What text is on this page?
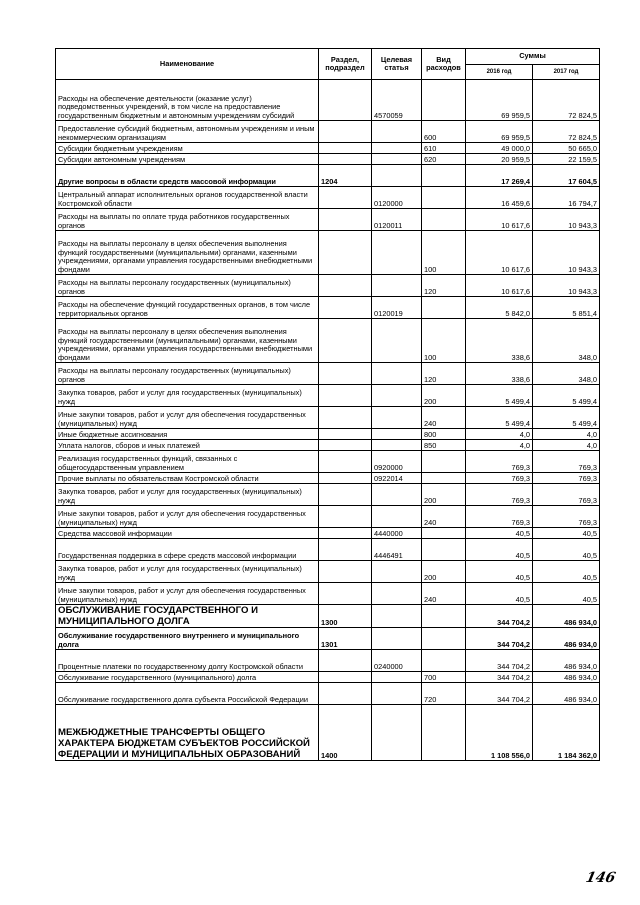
Наименование	Раздел, подраздел	Целевая статья	Вид расходов	Суммы	
				2016 год	2017 год
Расходы на обеспечение деятельности (оказание услуг) подведомственных учреждений, в том числе на предоставление государственным бюджетным и автономным учреждениям субсидий		4570059		69 959,5	72 824,5
Предоставление субсидий бюджетным, автономным учреждениям и иным некоммерческим организациям			600	69 959,5	72 824,5
Субсидии бюджетным учреждениям			610	49 000,0	50 665,0
Субсидии автономным учреждениям			620	20 959,5	22 159,5
Другие вопросы в области средств массовой информации	1204			17 269,4	17 604,5
Центральный аппарат исполнительных органов государственной власти Костромской области		0120000		16 459,6	16 794,7
Расходы на выплаты по оплате труда работников государственных органов		0120011		10 617,6	10 943,3
Расходы на выплаты персоналу в целях обеспечения выполнения функций государственными (муниципальными) органами, казенными учреждениями, органами управления государственными внебюджетными фондами			100	10 617,6	10 943,3
Расходы на выплаты персоналу государственных (муниципальных) органов			120	10 617,6	10 943,3
Расходы на обеспечение функций государственных органов, в том числе территориальных органов		0120019		5 842,0	5 851,4
Расходы на выплаты персоналу в целях обеспечения выполнения функций государственными (муниципальными) органами, казенными учреждениями, органами управления государственными внебюджетными фондами			100	338,6	348,0
Расходы на выплаты персоналу государственных (муниципальных) органов			120	338,6	348,0
Закупка товаров, работ и услуг для государственных (муниципальных) нужд			200	5 499,4	5 499,4
Иные закупки товаров, работ и услуг для обеспечения государственных (муниципальных) нужд			240	5 499,4	5 499,4
Иные бюджетные ассигнования			800	4,0	4,0
Уплата налогов, сборов и иных платежей			850	4,0	4,0
Реализация государственных функций, связанных с общегосударственным управлением		0920000		769,3	769,3
Прочие выплаты по обязательствам Костромской области		0922014		769,3	769,3
Закупка товаров, работ и услуг для государственных (муниципальных) нужд			200	769,3	769,3
Иные закупки товаров, работ и услуг для обеспечения государственных (муниципальных) нужд			240	769,3	769,3
Средства массовой информации		4440000		40,5	40,5
Государственная поддержка в сфере средств массовой информации		4446491		40,5	40,5
Закупка товаров, работ и услуг для государственных (муниципальных) нужд			200	40,5	40,5
Иные закупки товаров, работ и услуг для обеспечения государственных (муниципальных) нужд			240	40,5	40,5
ОБСЛУЖИВАНИЕ ГОСУДАРСТВЕННОГО И МУНИЦИПАЛЬНОГО ДОЛГА	1300			344 704,2	486 934,0
Обслуживание государственного внутреннего и муниципального долга	1301			344 704,2	486 934,0
Процентные платежи по государственному долгу Костромской области		0240000		344 704,2	486 934,0
Обслуживание государственного (муниципального) долга			700	344 704,2	486 934,0
Обслуживание государственного долга субъекта Российской Федерации			720	344 704,2	486 934,0
МЕЖБЮДЖЕТНЫЕ ТРАНСФЕРТЫ ОБЩЕГО ХАРАКТЕРА БЮДЖЕТАМ СУБЪЕКТОВ РОССИЙСКОЙ ФЕДЕРАЦИИ И МУНИЦИПАЛЬНЫХ ОБРАЗОВАНИЙ	1400			1 108 556,0	1 184 362,0
146
